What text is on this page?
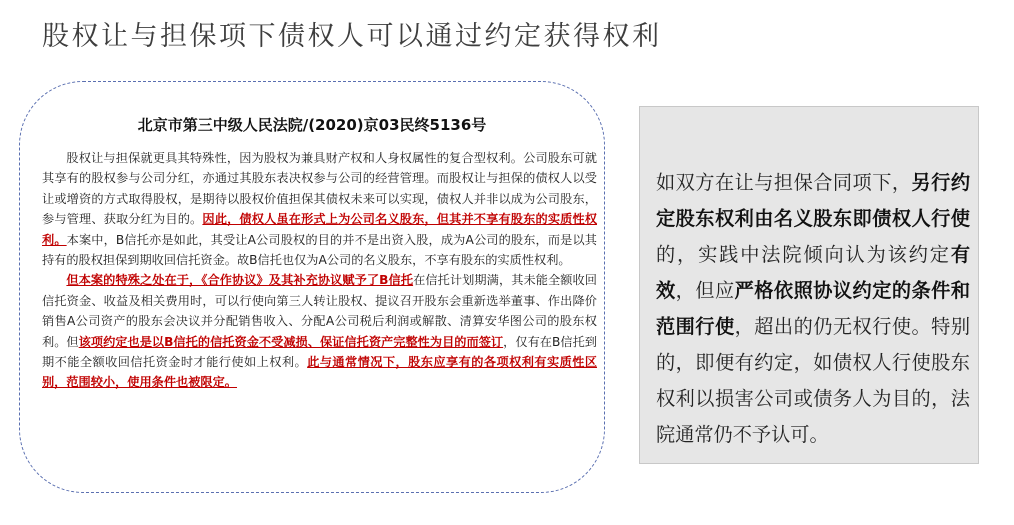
股权让与担保项下债权人可以通过约定获得权利
北京市第三中级人民法院/(2020)京03民终5136号

股权让与担保就更具其特殊性，因为股权为兼具财产权和人身权属性的复合型权利。公司股东可就其享有的股权参与公司分红，亦通过其股东表决权参与公司的经营管理。而股权让与担保的债权人以受让或增资的方式取得股权，是期待以股权价值担保其债权未来可以实现，债权人并非以成为公司股东，参与管理、获取分红为目的。因此，债权人虽在形式上为公司名义股东，但其并不享有股东的实质性权利。本案中，B信托亦是如此，其受让A公司股权的目的并不是出资入股，成为A公司的股东，而是以其持有的股权担保到期收回信托资金。故B信托也仅为A公司的名义股东，不享有股东的实质性权利。

但本案的特殊之处在于，《合作协议》及其补充协议赋予了B信托在信托计划期满，其未能全额收回信托资金、收益及相关费用时，可以行使向第三人转让股权、提议召开股东会重新选举董事、作出降价销售A公司资产的股东会决议并分配销售收入、分配A公司税后利润或解散、清算安华图公司的股东权利。但该项约定也是以B信托的信托资金不受减损、保证信托资产完整性为目的而签订，仅有在B信托到期不能全额收回信托资金时才能行使如上权利。此与通常情况下，股东应享有的各项权利有实质性区别，范围较小，使用条件也被限定。

如双方在让与担保合同项下，另行约定股东权利由名义股东即债权人行使的，实践中法院倾向认为该约定有效，但应严格依照协议约定的条件和范围行使，超出的仍无权行使。特别的，即便有约定，如债权人行使股东权利以损害公司或债务人为目的，法院通常仍不予认可。
